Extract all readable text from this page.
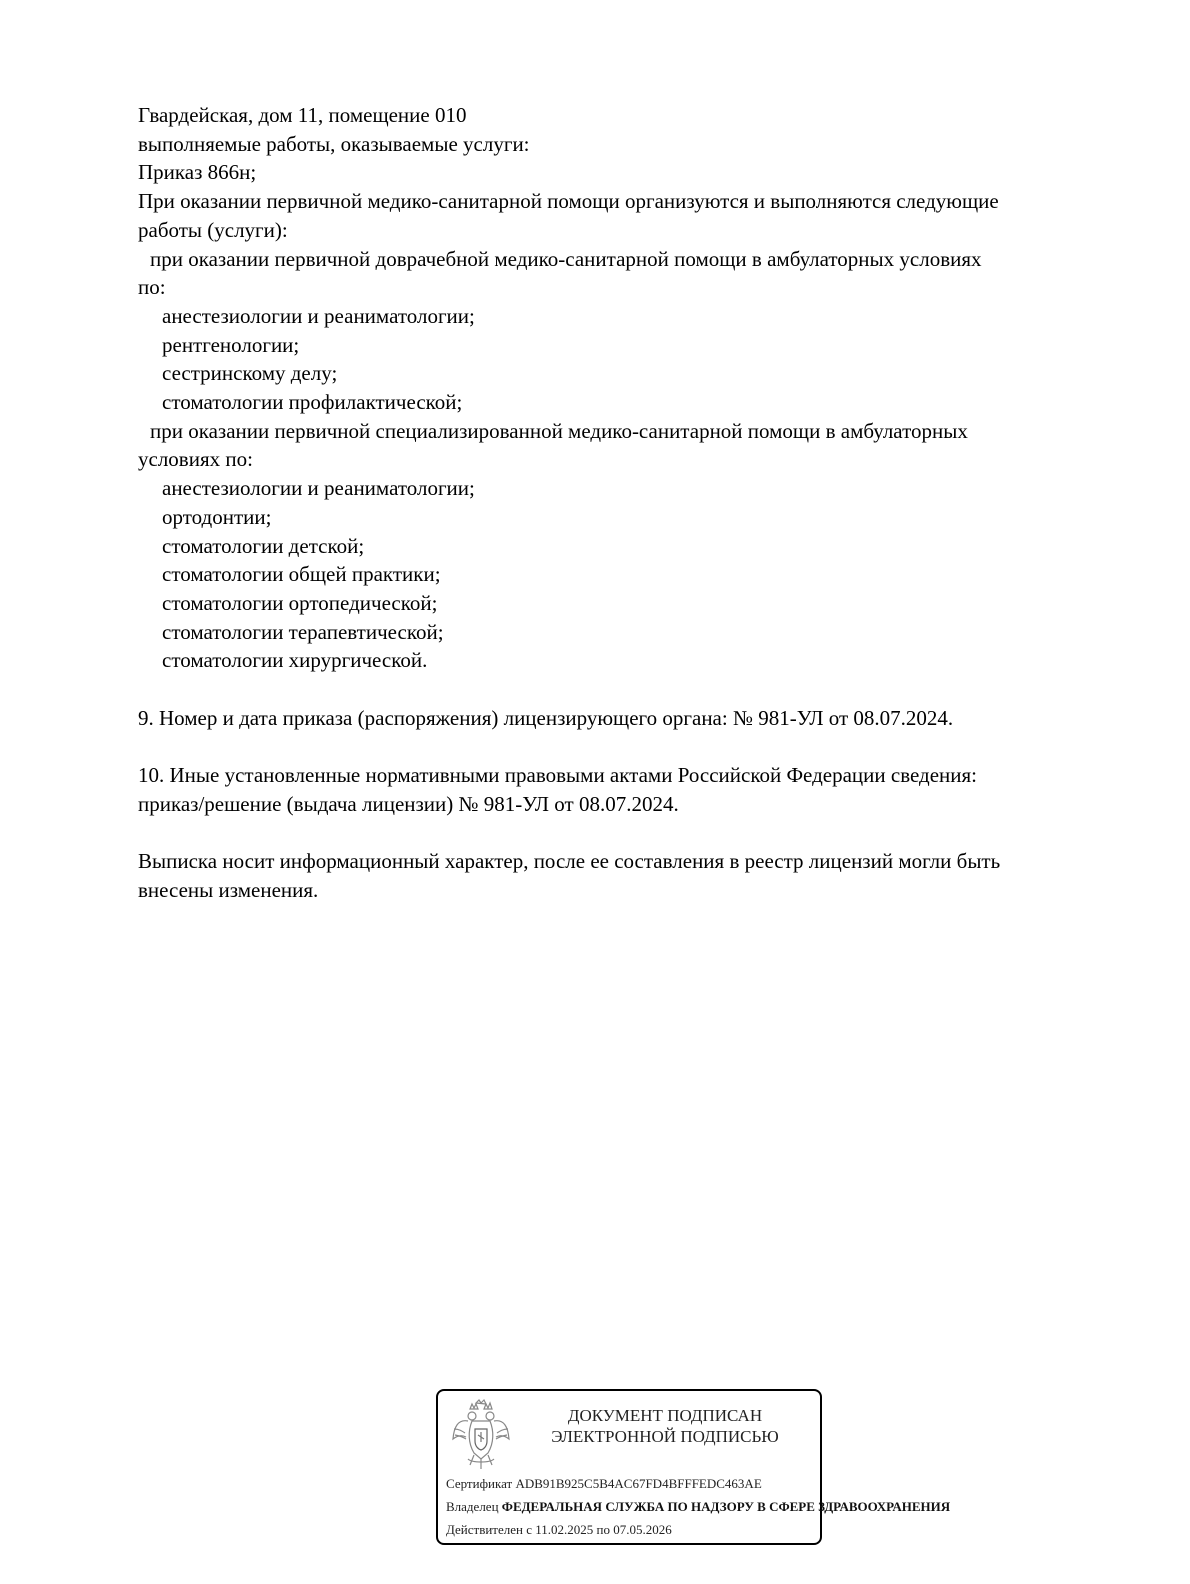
Гвардейская, дом 11, помещение 010
выполняемые работы, оказываемые услуги:
Приказ 866н;
При оказании первичной медико-санитарной помощи организуются и выполняются следующие
работы (услуги):
при оказании первичной доврачебной медико-санитарной помощи в амбулаторных условиях
по:
анестезиологии и реаниматологии;
рентгенологии;
сестринскому делу;
стоматологии профилактической;
при оказании первичной специализированной медико-санитарной помощи в амбулаторных
условиях по:
анестезиологии и реаниматологии;
ортодонтии;
стоматологии детской;
стоматологии общей практики;
стоматологии ортопедической;
стоматологии терапевтической;
стоматологии хирургической.
9. Номер и дата приказа (распоряжения) лицензирующего органа: № 981-УЛ от 08.07.2024.
10. Иные установленные нормативными правовыми актами Российской Федерации сведения:
приказ/решение (выдача лицензии) № 981-УЛ от 08.07.2024.
Выписка носит информационный характер, после ее составления в реестр лицензий могли быть
внесены изменения.
ДОКУМЕНТ ПОДПИСАН
ЭЛЕКТРОННОЙ ПОДПИСЬЮ
Сертификат ADB91B925C5B4AC67FD4BFFFEDC463AE
Владелец ФЕДЕРАЛЬНАЯ СЛУЖБА ПО НАДЗОРУ В СФЕРЕ ЗДРАВООХРАНЕНИЯ
Действителен с 11.02.2025 по 07.05.2026
